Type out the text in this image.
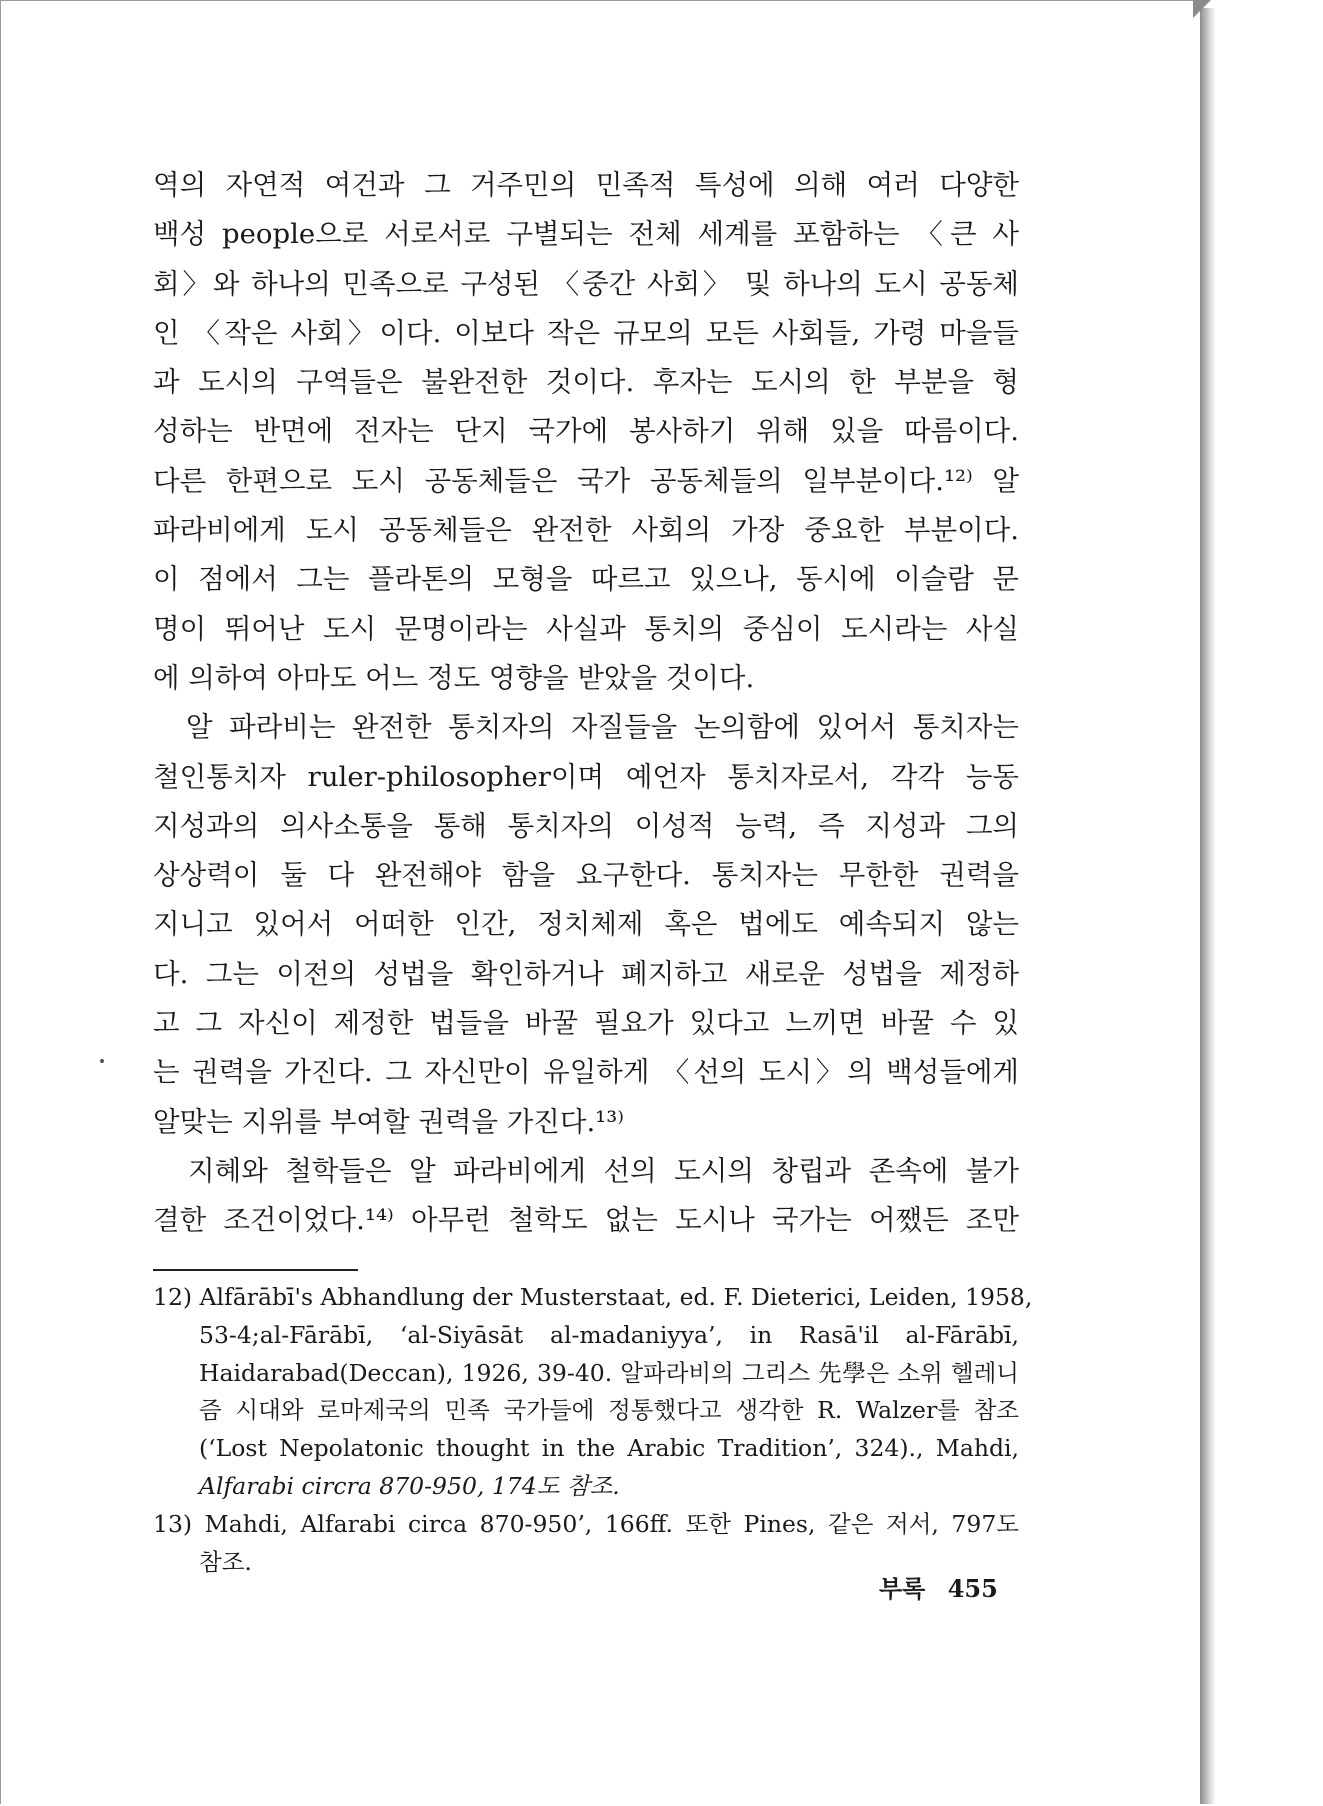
역의 자연적 여건과 그 거주민의 민족적 특성에 의해 여러 다양한
백성 people으로 서로서로 구별되는 전체 세계를 포함하는 〈큰 사
회〉와 하나의 민족으로 구성된 〈중간 사회〉 및 하나의 도시 공동체
인 〈작은 사회〉이다. 이보다 작은 규모의 모든 사회들, 가령 마을들
과 도시의 구역들은 불완전한 것이다. 후자는 도시의 한 부분을 형
성하는 반면에 전자는 단지 국가에 봉사하기 위해 있을 따름이다.
다른 한편으로 도시 공동체들은 국가 공동체들의 일부분이다.¹²⁾ 알
파라비에게 도시 공동체들은 완전한 사회의 가장 중요한 부분이다.
이 점에서 그는 플라톤의 모형을 따르고 있으나, 동시에 이슬람 문
명이 뛰어난 도시 문명이라는 사실과 통치의 중심이 도시라는 사실
에 의하여 아마도 어느 정도 영향을 받았을 것이다.
알 파라비는 완전한 통치자의 자질들을 논의함에 있어서 통치자는
철인통치자 ruler-philosopher이며 예언자 통치자로서, 각각 능동
지성과의 의사소통을 통해 통치자의 이성적 능력, 즉 지성과 그의
상상력이 둘 다 완전해야 함을 요구한다. 통치자는 무한한 권력을
지니고 있어서 어떠한 인간, 정치체제 혹은 법에도 예속되지 않는
다. 그는 이전의 성법을 확인하거나 폐지하고 새로운 성법을 제정하
고 그 자신이 제정한 법들을 바꿀 필요가 있다고 느끼면 바꿀 수 있
는 권력을 가진다. 그 자신만이 유일하게 〈선의 도시〉의 백성들에게
알맞는 지위를 부여할 권력을 가진다.¹³⁾
지혜와 철학들은 알 파라비에게 선의 도시의 창립과 존속에 불가
결한 조건이었다.¹⁴⁾ 아무런 철학도 없는 도시나 국가는 어쨌든 조만
12) Alfārābī's Abhandlung der Musterstaat, ed. F. Dieterici, Leiden, 1958,
53-4;al-Fārābī, ‘al-Siyāsāt al-madaniyya’, in Rasā'il al-Fārābī,
Haidarabad(Deccan), 1926, 39-40. 알파라비의 그리스 先學은 소위 헬레니
즘 시대와 로마제국의 민족 국가들에 정통했다고 생각한 R. Walzer를 참조
(‘Lost Nepolatonic thought in the Arabic Tradition’, 324)., Mahdi,
Alfarabi circra 870-950, 174도 참조.
13) Mahdi, Alfarabi circa 870-950’, 166ff. 또한 Pines, 같은 저서, 797도
참조.
부록 455
